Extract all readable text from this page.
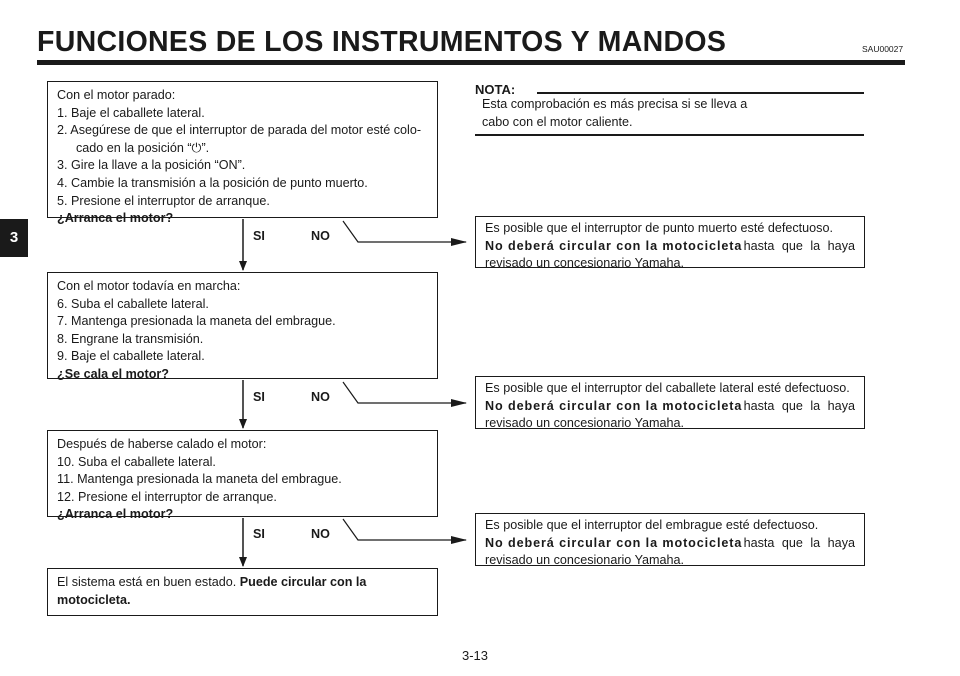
FUNCIONES DE LOS INSTRUMENTOS Y MANDOS	SAU00027
3
NOTA:
Esta comprobación es más precisa si se lleva a
cabo con el motor caliente.
Con el motor parado:
1. Baje el caballete lateral.
2. Asegúrese de que el interruptor de parada del motor esté colo-
cado en la posición “⏻”.
3. Gire la llave a la posición “ON”.
4. Cambie la transmisión a la posición de punto muerto.
5. Presione el interruptor de arranque.
¿Arranca el motor?
Con el motor todavía en marcha:
6. Suba el caballete lateral.
7. Mantenga presionada la maneta del embrague.
8. Engrane la transmisión.
9. Baje el caballete lateral.
¿Se cala el motor?
Después de haberse calado el motor:
10. Suba el caballete lateral.
11. Mantenga presionada la maneta del embrague.
12. Presione el interruptor de arranque.
¿Arranca el motor?
El sistema está en buen estado. Puede circular con la
motocicleta.
Es posible que el interruptor de punto muerto esté defectuoso.
No deberá circular con la motocicleta hasta que la haya
revisado un concesionario Yamaha.
Es posible que el interruptor del caballete lateral esté defectuoso.
No deberá circular con la motocicleta hasta que la haya
revisado un concesionario Yamaha.
Es posible que el interruptor del embrague esté defectuoso.
No deberá circular con la motocicleta hasta que la haya
revisado un concesionario Yamaha.
SI	NO
SI	NO
SI	NO
3-13
